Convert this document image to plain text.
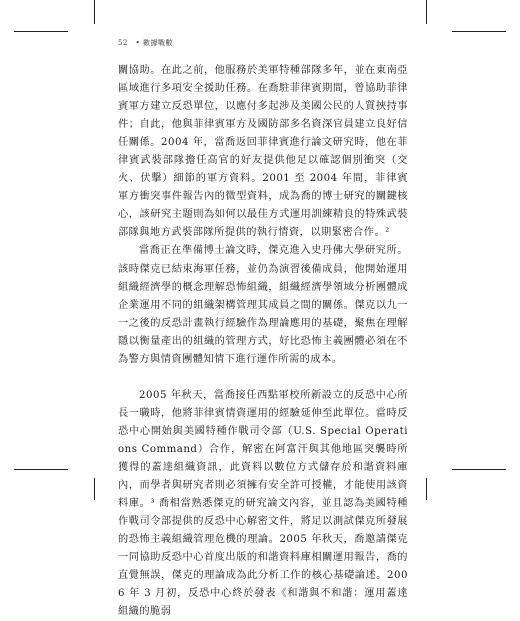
52 • 數據戰數

關協助。在此之前，他服務於美軍特種部隊多年，並在東南亞區域進行多項安全援助任務。在喬駐菲律賓期間，曾協助菲律賓軍方建立反恐單位，以應付多起涉及美國公民的人質挾持事件；自此，他與菲律賓軍方及國防部多名資深官員建立良好信任關係。2004 年，當喬返回菲律賓進行論文研究時，他在菲律賓武裝部隊擔任高官的好友提供他足以確認個別衝突（交火、伏擊）細節的軍方資料。2001 至 2004 年間，菲律賓軍方衝突事件報告內的微型資料，成為喬的博士研究的關鍵核心，該研究主題則為如何以最佳方式運用訓練精良的特殊武裝部隊與地方武裝部隊所提供的執行情資，以期緊密合作。²

當喬正在準備博士論文時，傑克進入史丹佛大學研究所。該時傑克已結束海軍任務，並仍為演習後備成員，他開始運用組織經濟學的概念理解恐怖組織，組織經濟學領域分析團體成企業運用不同的組織架構管理其成員之間的關係。傑克以九一一之後的反恐計畫執行經驗作為理論應用的基礎，聚焦在理解隱以衡量產出的組織的管理方式，好比恐怖主義團體必須在不為警方與情資團體知情下進行運作所需的成本。

2005 年秋天，當喬接任西點軍校所新設立的反恐中心所長一職時，他將菲律賓情資運用的經驗延伸至此單位。當時反恐中心開始與美國特種作戰司令部（U.S. Special Operations Command）合作，解密在阿富汗與其他地區突襲時所獲得的蓋達組織資訊，此資料以數位方式儲存於和諧資料庫內，而學者與研究者則必須擁有安全許可授權，才能使用該資料庫。³ 喬相當熟悉傑克的研究論文內容，並且認為美國特種作戰司令部提供的反恐中心解密文件，將足以測試傑克所發展的恐怖主義組織管理危機的理論。2005 年秋天，喬邀請傑克一同協助反恐中心首度出版的和諧資料庫相關運用報告，喬的直覺無誤，傑克的理論成為此分析工作的核心基礎論述。2006 年 3 月初，反恐中心終於發表《和諧與不和諧：運用蓋達組織的脆弱
